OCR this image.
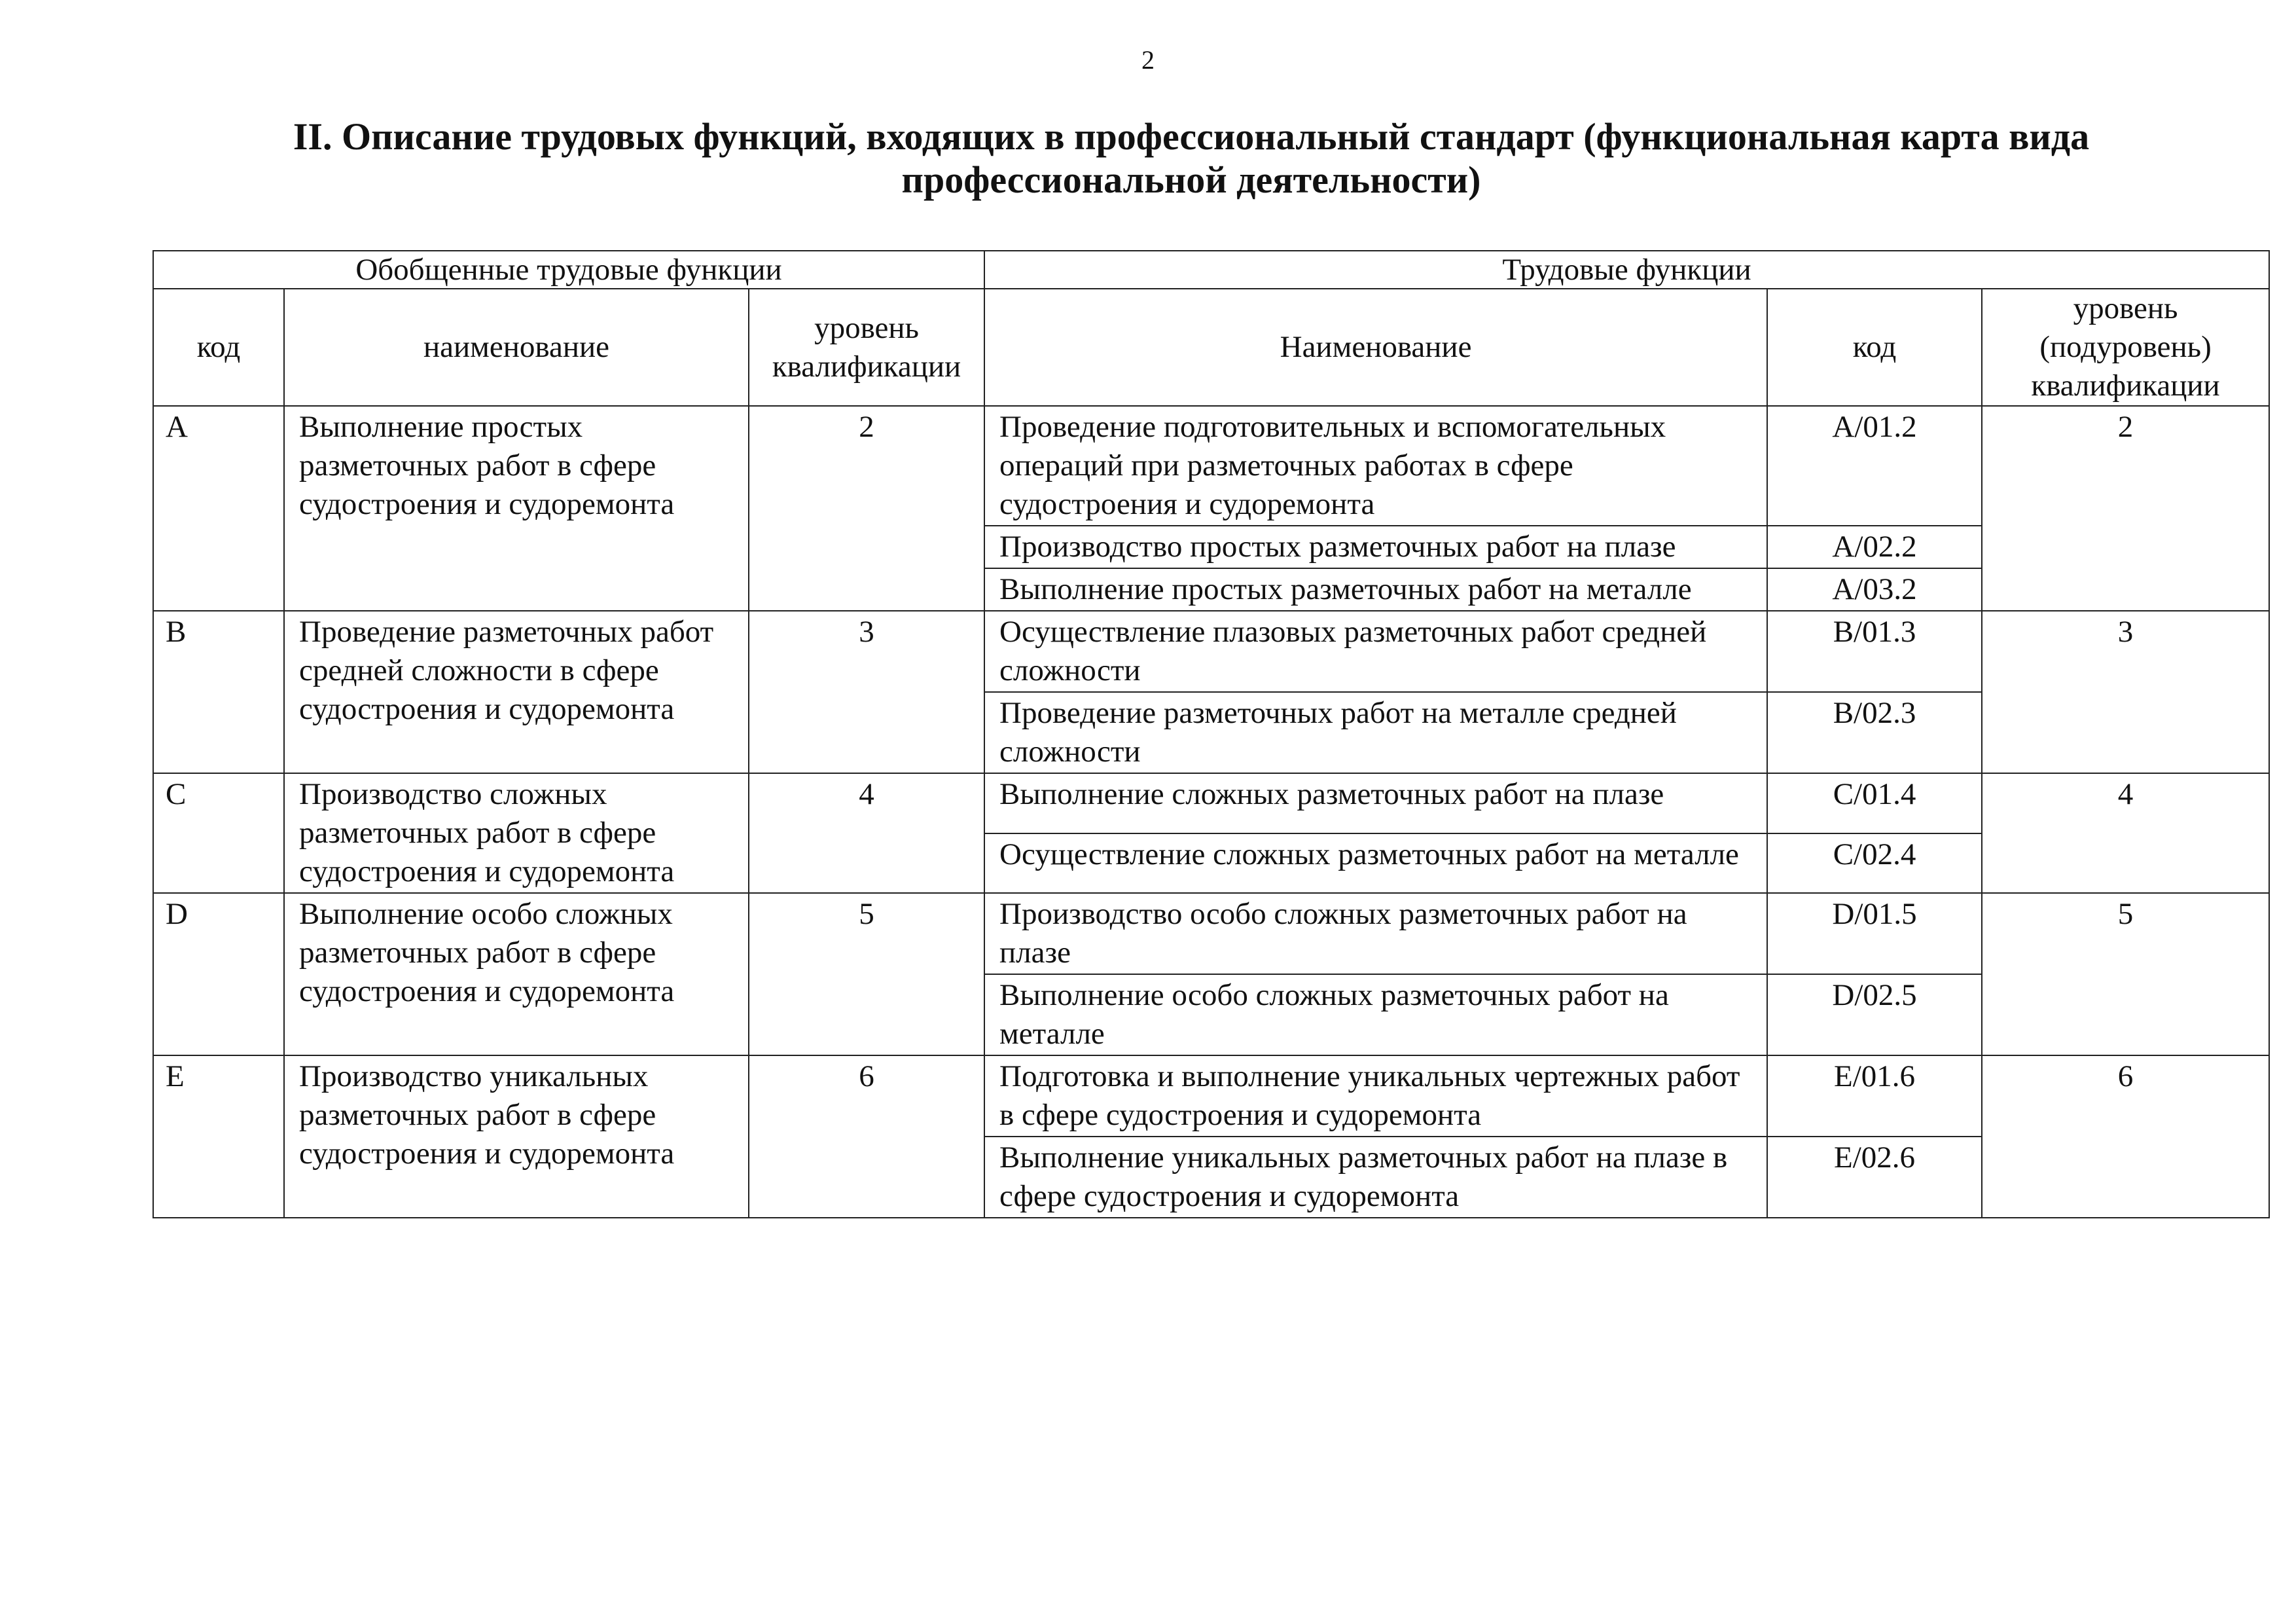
2
II. Описание трудовых функций, входящих в профессиональный стандарт (функциональная карта вида
профессиональной деятельности)
Обобщенные трудовые функции			Трудовые функции		
код	наименование	уровень квалификации	Наименование	код	уровень (подуровень) квалификации
A	Выполнение простых разметочных работ в сфере судостроения и судоремонта	2	Проведение подготовительных и вспомогательных операций при разметочных работах в сфере судостроения и судоремонта	A/01.2	2
			Производство простых разметочных работ на плазе	A/02.2	
			Выполнение простых разметочных работ на металле	A/03.2	
B	Проведение разметочных работ средней сложности в сфере судостроения и судоремонта	3	Осуществление плазовых разметочных работ средней сложности	B/01.3	3
			Проведение разметочных работ на металле средней сложности	B/02.3	
C	Производство сложных разметочных работ в сфере судостроения и судоремонта	4	Выполнение сложных разметочных работ на плазе	C/01.4	4
			Осуществление сложных разметочных работ на металле	C/02.4	
D	Выполнение особо сложных разметочных работ в сфере судостроения и судоремонта	5	Производство особо сложных разметочных работ на плазе	D/01.5	5
			Выполнение особо сложных разметочных работ на металле	D/02.5	
E	Производство уникальных разметочных работ в сфере судостроения и судоремонта	6	Подготовка и выполнение уникальных чертежных работ в сфере судостроения и судоремонта	E/01.6	6
			Выполнение уникальных разметочных работ на плазе в сфере судостроения и судоремонта	E/02.6	
